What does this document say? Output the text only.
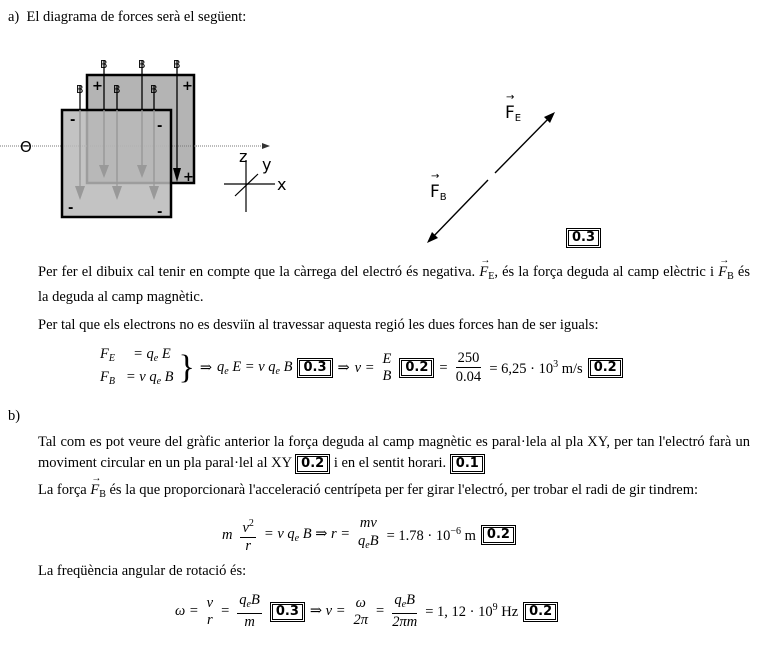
a) El diagrama de forces serà el següent:
B	B B
B	B	B
+	+
+
-	-
-	-
Θ	z y
x
→ $F_E$
→ $F_B$
0.3
Per fer el dibuix cal tenir en compte que la càrrega del electró és negativa. → $F_E$, és la força deguda al camp elèctric $i \to F_B$ és la deguda al camp magnètic.
Per tal que els electrons no es desviïn al travessar aquesta regió les dues forces han de ser iguals:
$F_E = q_e$ E
$F_B = v$ $q_e$ B } ⇒ $q_e$ E = v $q_e$ B 0.3 ⇒ v =
E
B
$0.2 = \frac{250}{0.04} = 6,25 \cdot 10^3$ m/s 0.2
b)
Tal com es pot veure del gràfic anterior la força deguda al camp magnètic es paral·lela al pla XY, per tan l'electró farà un moviment circular en un pla paral·lel al XY 0.2 i en el sentit horari. 0.1
La força → $F_B$ és la que proporcionarà l'acceleració centrípeta per fer girar l'electró, per trobar el radi de gir tindrem:
m $\frac{v^2}{r} = v$ $q_e$ B ⇒ r =
mv
$q_eB = 1.78 \cdot 10^{-6}$ m 0.2
La freqüència angular de rotació és:
ω =
v
r
= $\frac{q_eB}{m}$	0.3 ⇒ ν =
ω
2π
= $\frac{q_eB}{2\pi m} = 1$, $12 \cdot 10^9$ Hz 0.2
